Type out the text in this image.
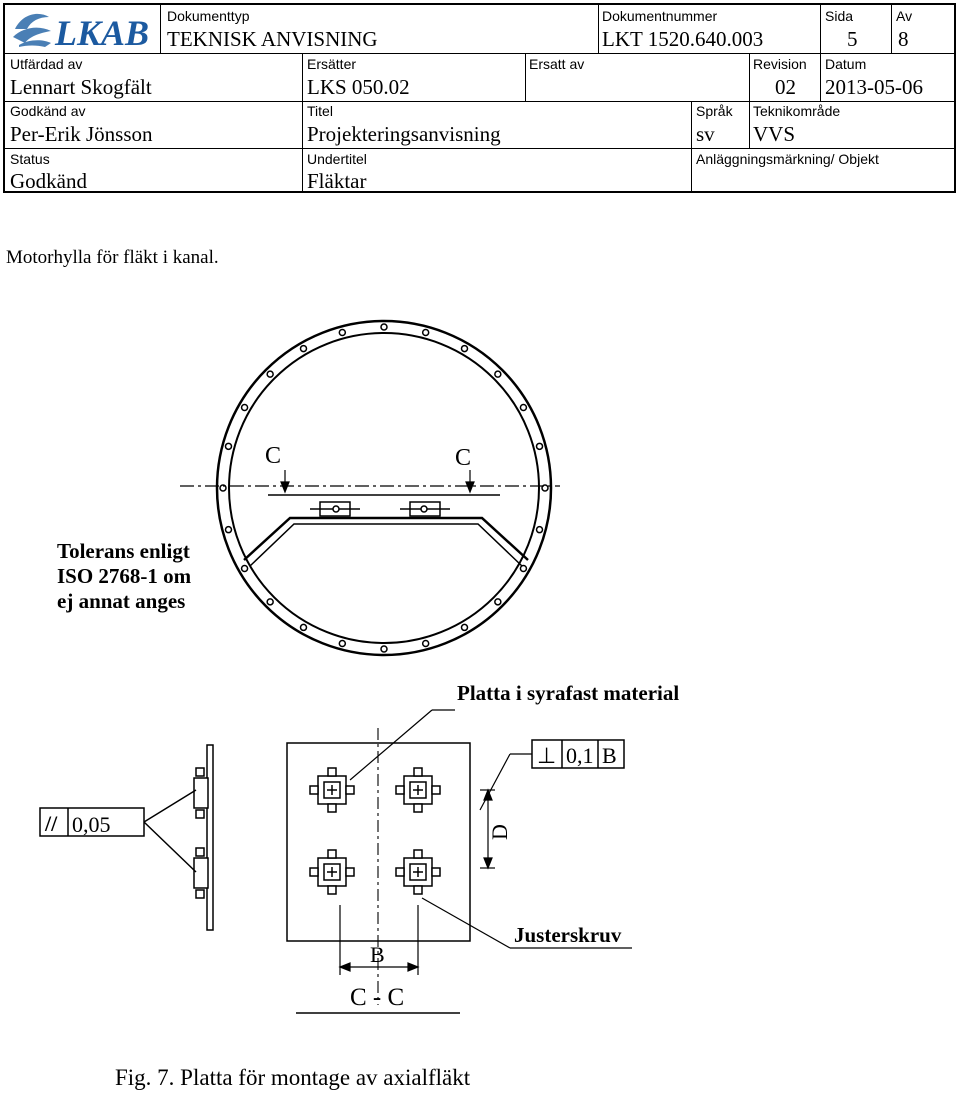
LKAB Dokumenttyp
TEKNISK ANVISNING
Dokumentnummer
LKT 1520.640.003
Sida
5
Av
8
Utfärdad av
Lennart Skogfält
Ersätter
LKS 050.02
Ersatt av	Revision
02
Datum
2013-05-06
Godkänd av
Per-Erik Jönsson
Titel
Projekteringsanvisning
Språk
sv
Teknikområde
VVS
Status
Godkänd
Undertitel
Fläktar
Anläggningsmärkning/ Objekt
Motorhylla för fläkt i kanal.
C	C
Tolerans enligt
ISO 2768-1 om
ej annat anges
Platta i syrafast material
// 0,05
⊥ 0,1 B
D
B
Justerskruv
C - C
Fig. 7. Platta för montage av axialfläkt
